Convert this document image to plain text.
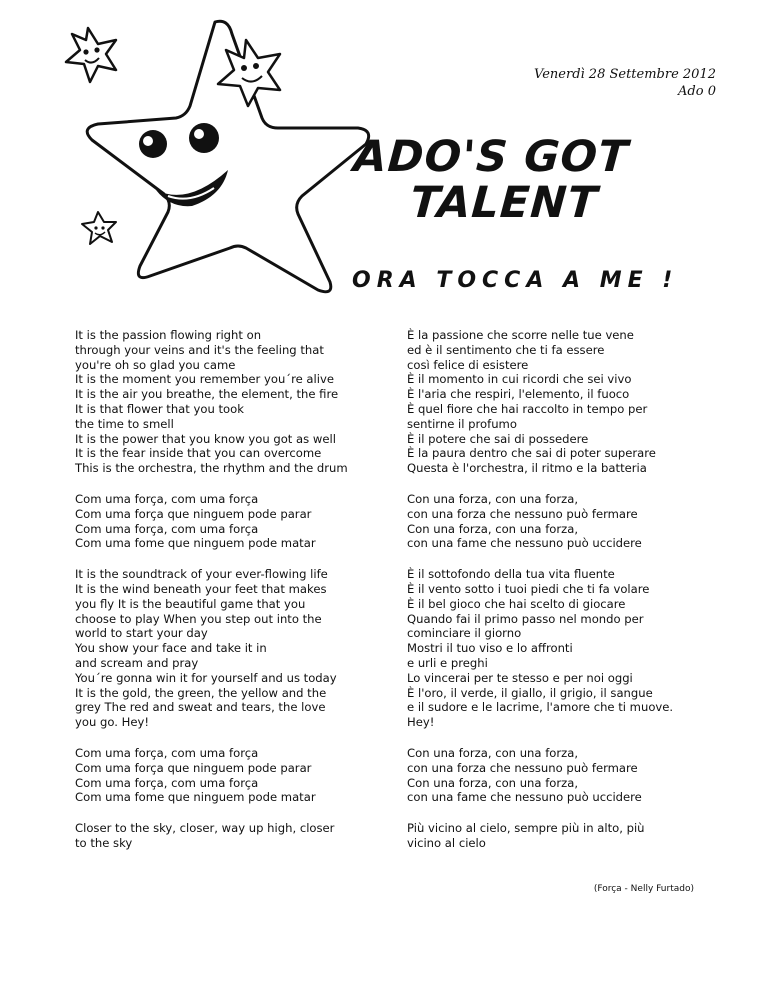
Venerdì 28 Settembre 2012
Ado 0
ADO'S GOT
TALENT
ORA TOCCA A ME !
It is the passion flowing right on
through your veins and it's the feeling that
you're oh so glad you came
It is the moment you remember you´re alive
It is the air you breathe, the element, the fire
It is that flower that you took
the time to smell
It is the power that you know you got as well
It is the fear inside that you can overcome
This is the orchestra, the rhythm and the drum
È la passione che scorre nelle tue vene
ed è il sentimento che ti fa essere
così felice di esistere
È il momento in cui ricordi che sei vivo
È l'aria che respiri, l'elemento, il fuoco
È quel fiore che hai raccolto in tempo per
sentirne il profumo
È il potere che sai di possedere
È la paura dentro che sai di poter superare
Questa è l'orchestra, il ritmo e la batteria
Com uma força, com uma força
Com uma força que ninguem pode parar
Com uma força, com uma força
Com uma fome que ninguem pode matar
Con una forza, con una forza,
con una forza che nessuno può fermare
Con una forza, con una forza,
con una fame che nessuno può uccidere
It is the soundtrack of your ever-flowing life
It is the wind beneath your feet that makes
you fly It is the beautiful game that you
choose to play When you step out into the
world to start your day
You show your face and take it in
and scream and pray
You´re gonna win it for yourself and us today
It is the gold, the green, the yellow and the
grey The red and sweat and tears, the love
you go. Hey!
È il sottofondo della tua vita fluente
È il vento sotto i tuoi piedi che ti fa volare
È il bel gioco che hai scelto di giocare
Quando fai il primo passo nel mondo per
cominciare il giorno
Mostri il tuo viso e lo affronti
e urli e preghi
Lo vincerai per te stesso e per noi oggi
È l'oro, il verde, il giallo, il grigio, il sangue
e il sudore e le lacrime, l'amore che ti muove.
Hey!
Com uma força, com uma força
Com uma força que ninguem pode parar
Com uma força, com uma força
Com uma fome que ninguem pode matar
Con una forza, con una forza,
con una forza che nessuno può fermare
Con una forza, con una forza,
con una fame che nessuno può uccidere
Closer to the sky, closer, way up high, closer
to the sky
Più vicino al cielo, sempre più in alto, più
vicino al cielo
(Força - Nelly Furtado)
